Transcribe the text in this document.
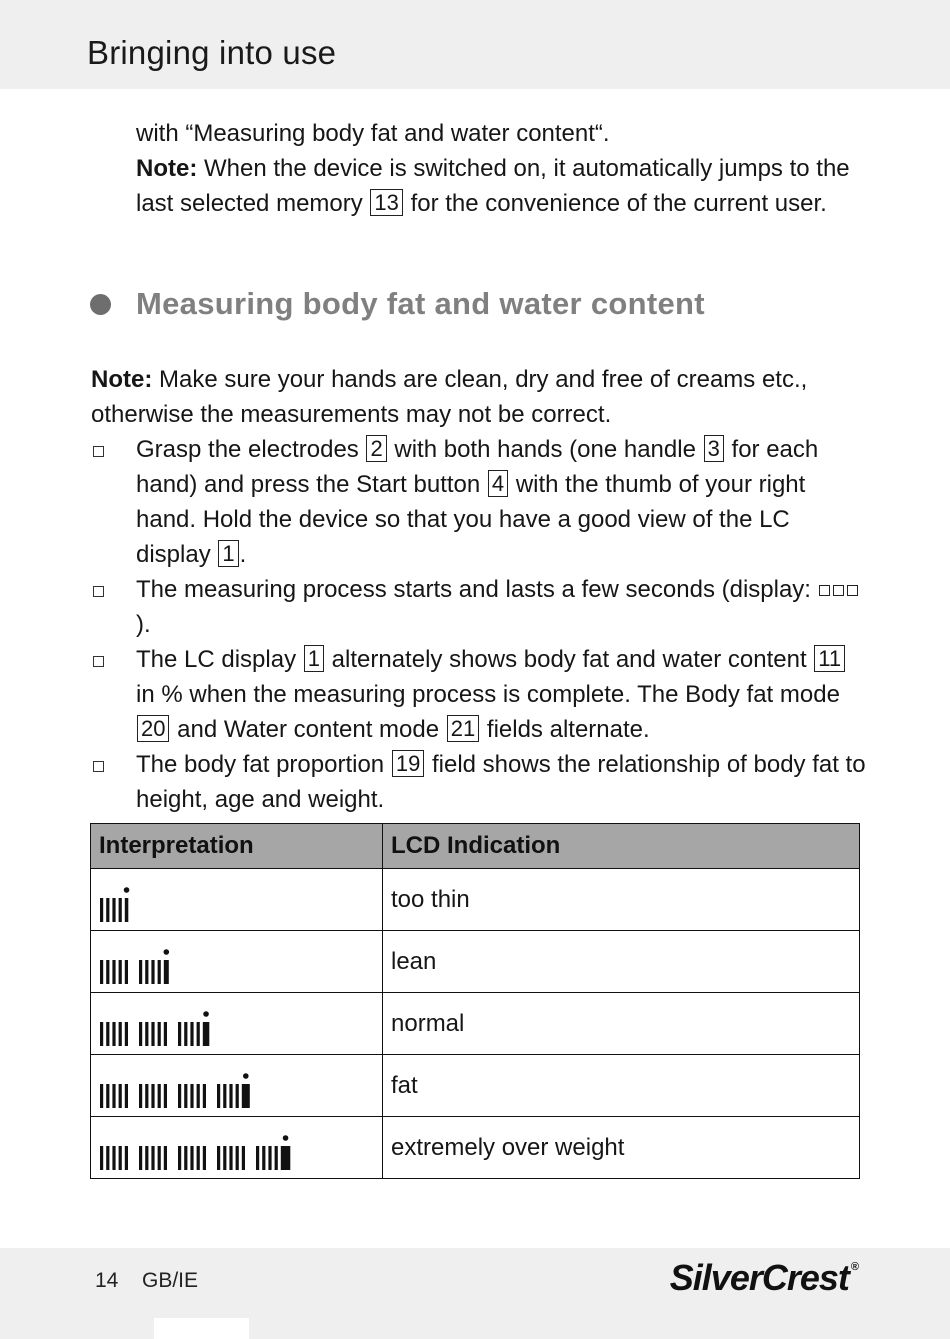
Bringing into use
with “Measuring body fat and water content“.
Note: When the device is switched on, it automatically jumps to the last selected memory 13 for the convenience of the current user.
Measuring body fat and water content
Note: Make sure your hands are clean, dry and free of creams etc., otherwise the measurements may not be correct.
Grasp the electrodes 2 with both hands (one handle 3 for each hand) and press the Start button 4 with the thumb of your right hand. Hold the device so that you have a good view of the LC display 1 .
The measuring process starts and lasts a few seconds (display: ).
The LC display 1 alternately shows body fat and water content 11 in % when the measuring process is complete. The Body fat mode 20 and Water content mode 21 fields alternate.
The body fat proportion 19 field shows the relationship of body fat to height, age and weight.
Interpretation	LCD Indication

	too thin

	lean

	normal

	fat

	extremely over weight
14 GB/IE	SilverCrest ®
